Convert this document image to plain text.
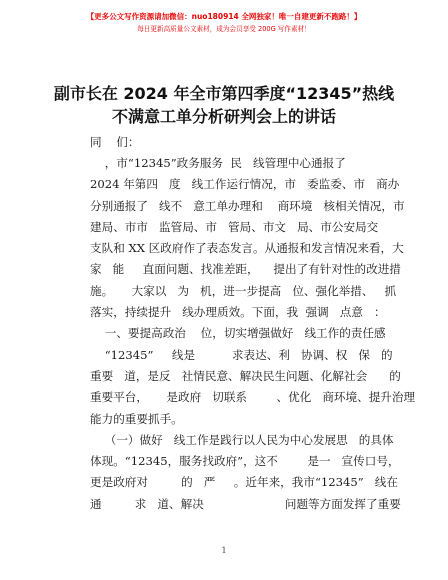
【更多公文写作资源请加微信：nuo180914 全网独家！唯一自建更新不跑路！】
每日更新高质量公文素材，成为会员享受 200G 写作素材！
副市长在 2024 年全市第四季度“12345”热线
不满意工单分析研判会上的讲话
同    们：
，市“12345”政务服务  民   线管理中心通报了
2024 年第四   度   线工作运行情况，市   委监委、市   商办
分别通报了   线不   意工单办理和    商环境   核相关情况，市
建局、市市   监管局、市   管局、市文   局、市公安局交
支队和 XX 区政府作了表态发言。从通报和发言情况来看，大
家   能     直面问题、找准差距，    提出了有针对性的改进措
施。     大家以   为   机，进一步提高   位、强化举措、   抓
落实，持续提升   线办理质效。下面，我  强调   点意   ：
一、要提高政治    位，切实增强做好   线工作的责任感
“12345”     线是          求表达、利   协调、权   保   的
重要   道，是反   社情民意、解决民生问题、化解社会      的
重要平台，     是政府   切联系        、优化   商环境、提升治理
能力的重要抓手。
（一）做好   线工作是践行以人民为中心发展思   的具体
体现。“12345，服务找政府”，这不        是一   宣传口号，
更是政府对         的   严     。近年来，我市“12345”   线在
通         求   道、解决                      问题等方面发挥了重要
1
